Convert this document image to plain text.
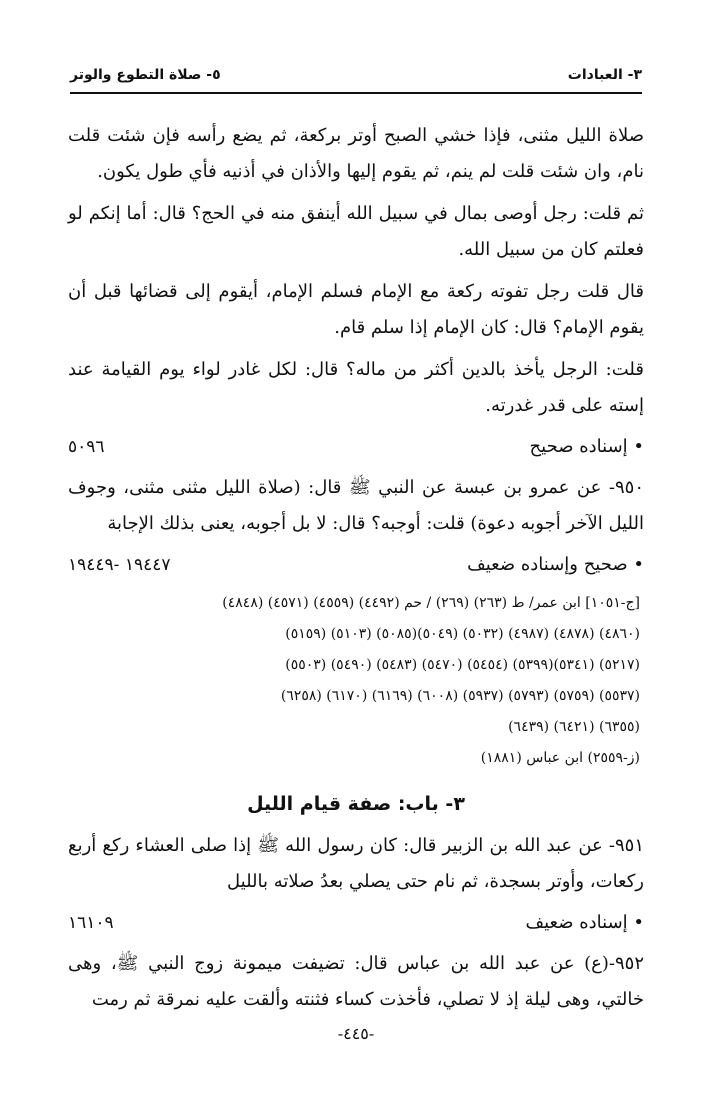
٣- العبادات
٥- صلاة التطوع والوتر

صلاة الليل مثنى، فإذا خشي الصبح أوتر بركعة، ثم يضع رأسه فإن شئت قلت نام، وان شئت قلت لم ينم، ثم يقوم إليها والأذان في أذنيه فأي طول يكون.

ثم قلت: رجل أوصى بمال في سبيل الله أينفق منه في الحج؟ قال: أما إنكم لو فعلتم كان من سبيل الله.

قال قلت رجل تفوته ركعة مع الإمام فسلم الإمام، أيقوم إلى قضائها قبل أن يقوم الإمام؟ قال: كان الإمام إذا سلم قام.

قلت: الرجل يأخذ بالدين أكثر من ماله؟ قال: لكل غادر لواء يوم القيامة عند إسته على قدر غدرته.

• إسناده صحيح
٥٠٩٦

٩٥٠- عن عمرو بن عبسة عن النبي ﷺ قال: (صلاة الليل مثنى مثنى، وجوف الليل الآخر أجوبه دعوة) قلت: أوجبه؟ قال: لا بل أجوبه، يعنى بذلك الإجابة

• صحيح وإسناده ضعيف
١٩٤٤٧ -١٩٤٤٩
[ج-١٠٥١] ابن عمر/ ط (٢٦٣) (٢٦٩) / حم (٤٤٩٢) (٤٥٥٩) (٤٥٧١) (٤٨٤٨)
(٤٨٦٠) (٤٨٧٨) (٤٩٨٧) (٥٠٣٢) (٥٠٤٩)(٥٠٨٥) (٥١٠٣) (٥١٥٩)
(٥٢١٧) (٥٣٤١)(٥٣٩٩) (٥٤٥٤) (٥٤٧٠) (٥٤٨٣) (٥٤٩٠) (٥٥٠٣)
(٥٥٣٧) (٥٧٥٩) (٥٧٩٣) (٥٩٣٧) (٦٠٠٨) (٦١٦٩) (٦١٧٠) (٦٢٥٨)
(٦٣٥٥) (٦٤٢١) (٦٤٣٩)
(ز-٢٥٥٩) ابن عباس (١٨٨١)
٣- باب: صفة قيام الليل

٩٥١- عن عبد الله بن الزبير قال: كان رسول الله ﷺ إذا صلى العشاء ركع أربع ركعات، وأوتر بسجدة، ثم نام حتى يصلي بعدُ صلاته بالليل

• إسناده ضعيف
١٦١٠٩

٩٥٢-(ع) عن عبد الله بن عباس قال: تضيفت ميمونة زوج النبي ﷺ، وهى خالتي، وهى ليلة إذ لا تصلي، فأخذت كساء فثنته وألقت عليه نمرقة ثم رمت

-٤٤٥-
